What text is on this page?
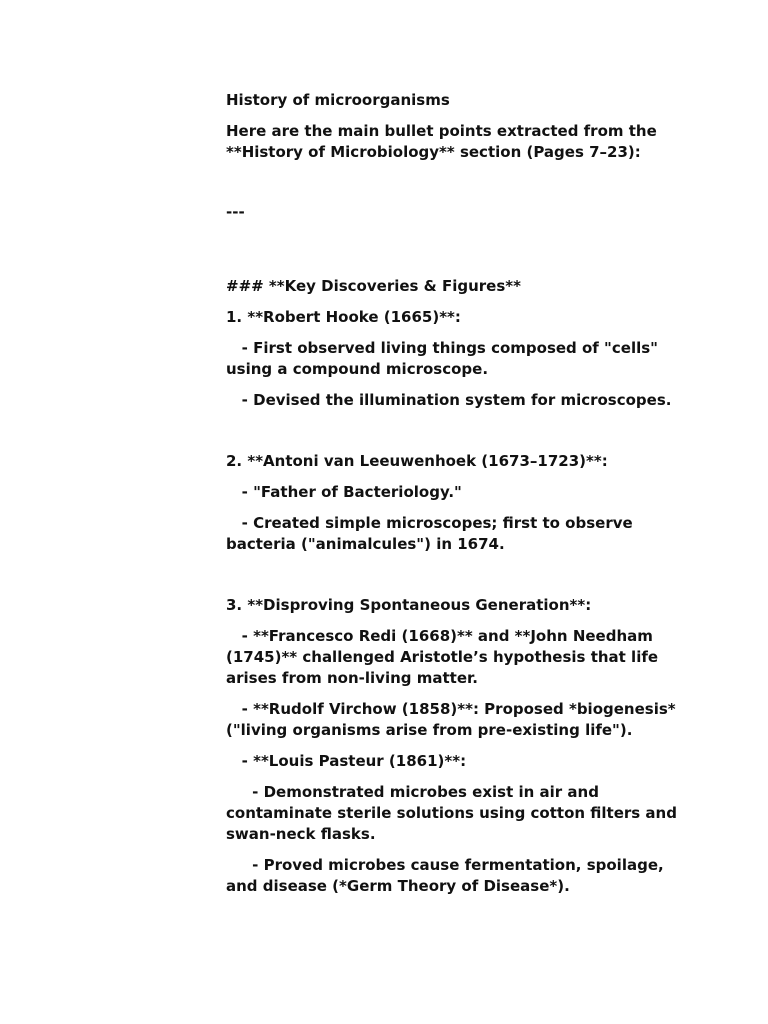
History of microorganisms

Here are the main bullet points extracted from the **History of Microbiology** section (Pages 7–23):

---

### **Key Discoveries & Figures**

1. **Robert Hooke (1665)**:

- First observed living things composed of "cells" using a compound microscope.

- Devised the illumination system for microscopes.

2. **Antoni van Leeuwenhoek (1673–1723)**:

- "Father of Bacteriology."

- Created simple microscopes; first to observe bacteria ("animalcules") in 1674.

3. **Disproving Spontaneous Generation**:

- **Francesco Redi (1668)** and **John Needham (1745)** challenged Aristotle’s hypothesis that life arises from non-living matter.

- **Rudolf Virchow (1858)**: Proposed *biogenesis* ("living organisms arise from pre-existing life").

- **Louis Pasteur (1861)**:

- Demonstrated microbes exist in air and contaminate sterile solutions using cotton filters and swan-neck flasks.

- Proved microbes cause fermentation, spoilage, and disease (*Germ Theory of Disease*).
